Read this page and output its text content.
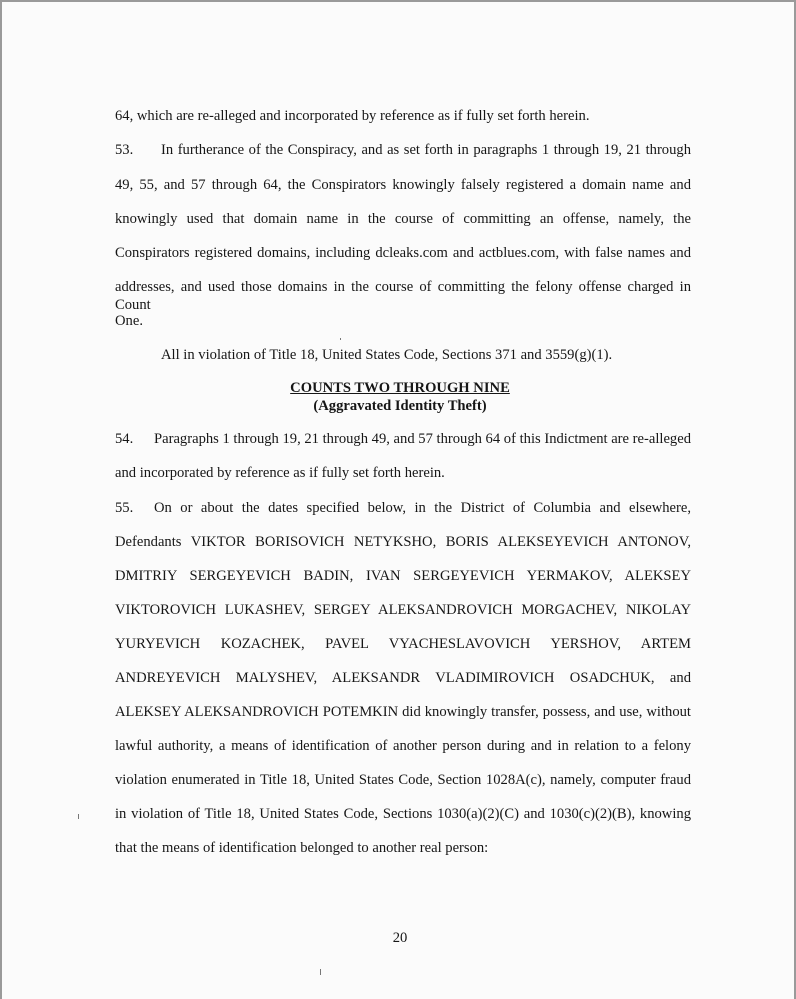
64, which are re-alleged and incorporated by reference as if fully set forth herein.
53. In furtherance of the Conspiracy, and as set forth in paragraphs 1 through 19, 21 through
49, 55, and 57 through 64, the Conspirators knowingly falsely registered a domain name and
knowingly used that domain name in the course of committing an offense, namely, the
Conspirators registered domains, including dcleaks.com and actblues.com, with false names and
addresses, and used those domains in the course of committing the felony offense charged in Count
One.
All in violation of Title 18, United States Code, Sections 371 and 3559(g)(1).
COUNTS TWO THROUGH NINE
(Aggravated Identity Theft)
54. Paragraphs 1 through 19, 21 through 49, and 57 through 64 of this Indictment are re-alleged
and incorporated by reference as if fully set forth herein.
55. On or about the dates specified below, in the District of Columbia and elsewhere,
Defendants VIKTOR BORISOVICH NETYKSHO, BORIS ALEKSEYEVICH ANTONOV,
DMITRIY SERGEYEVICH BADIN, IVAN SERGEYEVICH YERMAKOV, ALEKSEY
VIKTOROVICH LUKASHEV, SERGEY ALEKSANDROVICH MORGACHEV, NIKOLAY
YURYEVICH KOZACHEK, PAVEL VYACHESLAVOVICH YERSHOV, ARTEM
ANDREYEVICH MALYSHEV, ALEKSANDR VLADIMIROVICH OSADCHUK, and
ALEKSEY ALEKSANDROVICH POTEMKIN did knowingly transfer, possess, and use, without
lawful authority, a means of identification of another person during and in relation to a felony
violation enumerated in Title 18, United States Code, Section 1028A(c), namely, computer fraud
in violation of Title 18, United States Code, Sections 1030(a)(2)(C) and 1030(c)(2)(B), knowing
that the means of identification belonged to another real person:
20
